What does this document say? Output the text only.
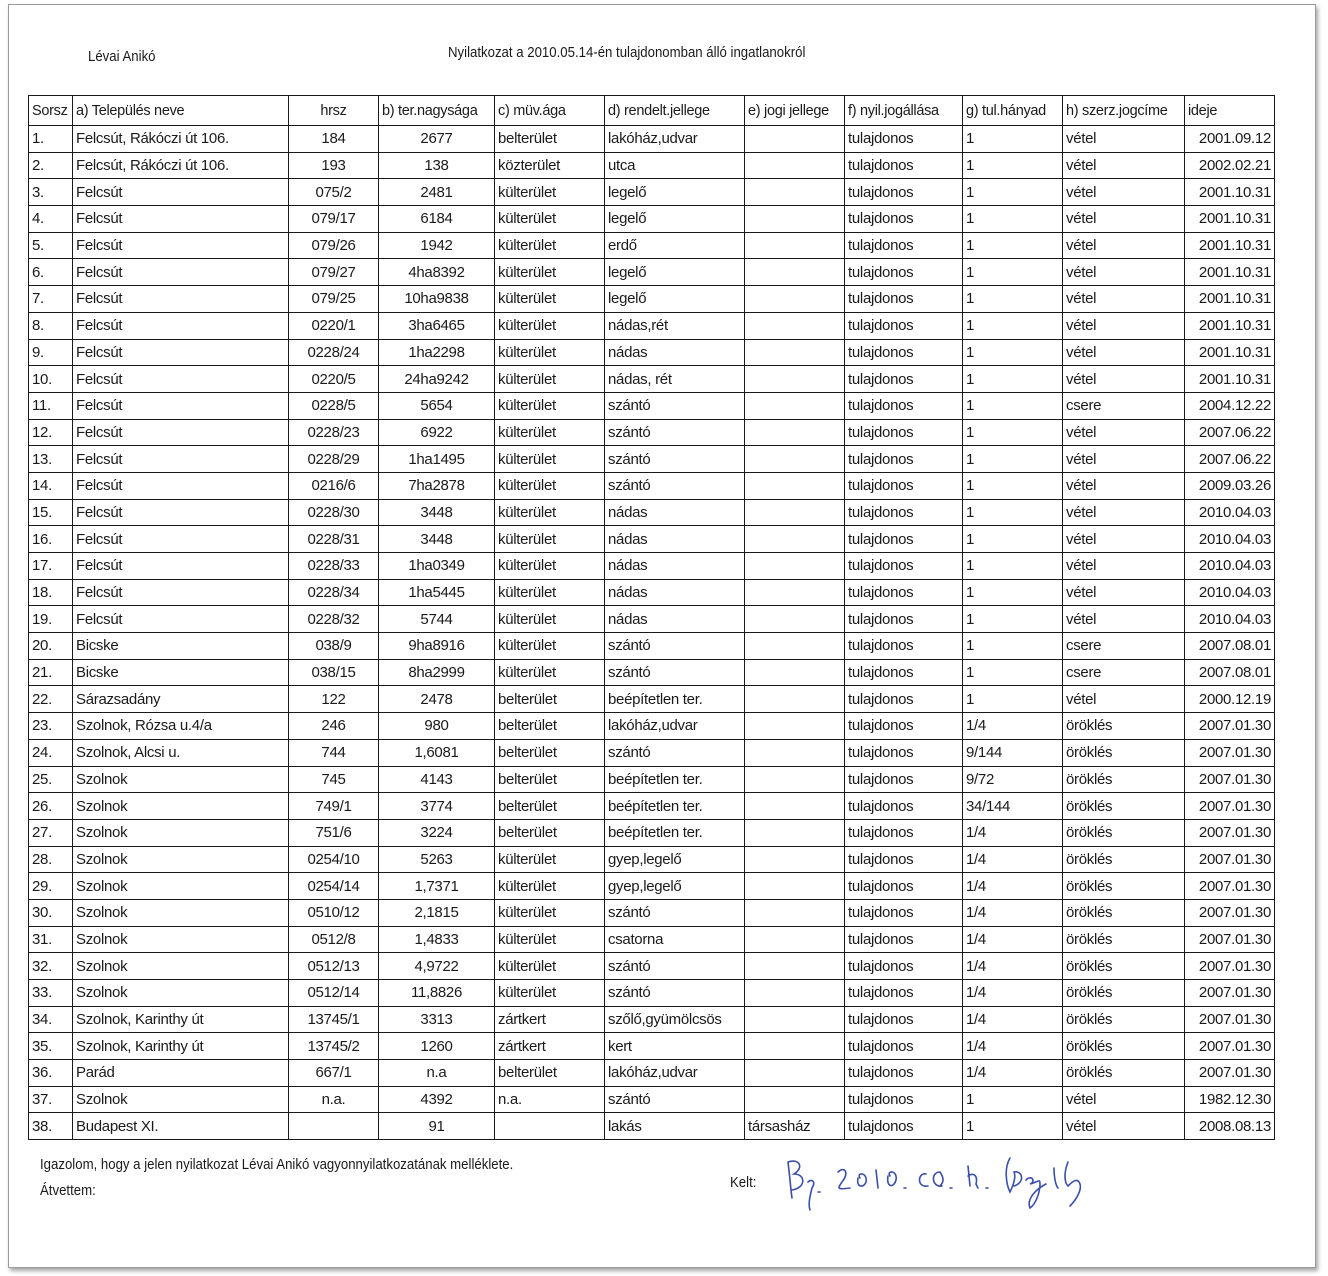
Lévai Anikó	Nyilatkozat a 2010.05.14-én tulajdonomban álló ingatlanokról
Sorsz	a) Település neve	hrsz	b) ter.nagysága	c) müv.ága	d) rendelt.jellege	e) jogi jellege	f) nyil.jogállása	g) tul.hányad	h) szerz.jogcíme	ideje
1.	Felcsút, Rákóczi út 106.	184	2677	belterület	lakóház,udvar		tulajdonos	1	vétel	2001.09.12
2.	Felcsút, Rákóczi út 106.	193	138	közterület	utca		tulajdonos	1	vétel	2002.02.21
3.	Felcsút	075/2	2481	külterület	legelő		tulajdonos	1	vétel	2001.10.31
4.	Felcsút	079/17	6184	külterület	legelő		tulajdonos	1	vétel	2001.10.31
5.	Felcsút	079/26	1942	külterület	erdő		tulajdonos	1	vétel	2001.10.31
6.	Felcsút	079/27	4ha8392	külterület	legelő		tulajdonos	1	vétel	2001.10.31
7.	Felcsút	079/25	10ha9838	külterület	legelő		tulajdonos	1	vétel	2001.10.31
8.	Felcsút	0220/1	3ha6465	külterület	nádas,rét		tulajdonos	1	vétel	2001.10.31
9.	Felcsút	0228/24	1ha2298	külterület	nádas		tulajdonos	1	vétel	2001.10.31
10.	Felcsút	0220/5	24ha9242	külterület	nádas, rét		tulajdonos	1	vétel	2001.10.31
11.	Felcsút	0228/5	5654	külterület	szántó		tulajdonos	1	csere	2004.12.22
12.	Felcsút	0228/23	6922	külterület	szántó		tulajdonos	1	vétel	2007.06.22
13.	Felcsút	0228/29	1ha1495	külterület	szántó		tulajdonos	1	vétel	2007.06.22
14.	Felcsút	0216/6	7ha2878	külterület	szántó		tulajdonos	1	vétel	2009.03.26
15.	Felcsút	0228/30	3448	külterület	nádas		tulajdonos	1	vétel	2010.04.03
16.	Felcsút	0228/31	3448	külterület	nádas		tulajdonos	1	vétel	2010.04.03
17.	Felcsút	0228/33	1ha0349	külterület	nádas		tulajdonos	1	vétel	2010.04.03
18.	Felcsút	0228/34	1ha5445	külterület	nádas		tulajdonos	1	vétel	2010.04.03
19.	Felcsút	0228/32	5744	külterület	nádas		tulajdonos	1	vétel	2010.04.03
20.	Bicske	038/9	9ha8916	külterület	szántó		tulajdonos	1	csere	2007.08.01
21.	Bicske	038/15	8ha2999	külterület	szántó		tulajdonos	1	csere	2007.08.01
22.	Sárazsadány	122	2478	belterület	beépítetlen ter.		tulajdonos	1	vétel	2000.12.19
23.	Szolnok, Rózsa u.4/a	246	980	belterület	lakóház,udvar		tulajdonos	1/4	öröklés	2007.01.30
24.	Szolnok, Alcsi u.	744	1,6081	belterület	szántó		tulajdonos	9/144	öröklés	2007.01.30
25.	Szolnok	745	4143	belterület	beépítetlen ter.		tulajdonos	9/72	öröklés	2007.01.30
26.	Szolnok	749/1	3774	belterület	beépítetlen ter.		tulajdonos	34/144	öröklés	2007.01.30
27.	Szolnok	751/6	3224	belterület	beépítetlen ter.		tulajdonos	1/4	öröklés	2007.01.30
28.	Szolnok	0254/10	5263	külterület	gyep,legelő		tulajdonos	1/4	öröklés	2007.01.30
29.	Szolnok	0254/14	1,7371	külterület	gyep,legelő		tulajdonos	1/4	öröklés	2007.01.30
30.	Szolnok	0510/12	2,1815	külterület	szántó		tulajdonos	1/4	öröklés	2007.01.30
31.	Szolnok	0512/8	1,4833	külterület	csatorna		tulajdonos	1/4	öröklés	2007.01.30
32.	Szolnok	0512/13	4,9722	külterület	szántó		tulajdonos	1/4	öröklés	2007.01.30
33.	Szolnok	0512/14	11,8826	külterület	szántó		tulajdonos	1/4	öröklés	2007.01.30
34.	Szolnok, Karinthy út	13745/1	3313	zártkert	szőlő,gyümölcsös		tulajdonos	1/4	öröklés	2007.01.30
35.	Szolnok, Karinthy út	13745/2	1260	zártkert	kert		tulajdonos	1/4	öröklés	2007.01.30
36.	Parád	667/1	n.a	belterület	lakóház,udvar		tulajdonos	1/4	öröklés	2007.01.30
37.	Szolnok	n.a.	4392	n.a.	szántó		tulajdonos	1	vétel	1982.12.30
38.	Budapest XI.		91		lakás	társasház	tulajdonos	1	vétel	2008.08.13
Igazolom, hogy a jelen nyilatkozat Lévai Anikó vagyonnyilatkozatának melléklete.
Átvettem:	Kelt:
